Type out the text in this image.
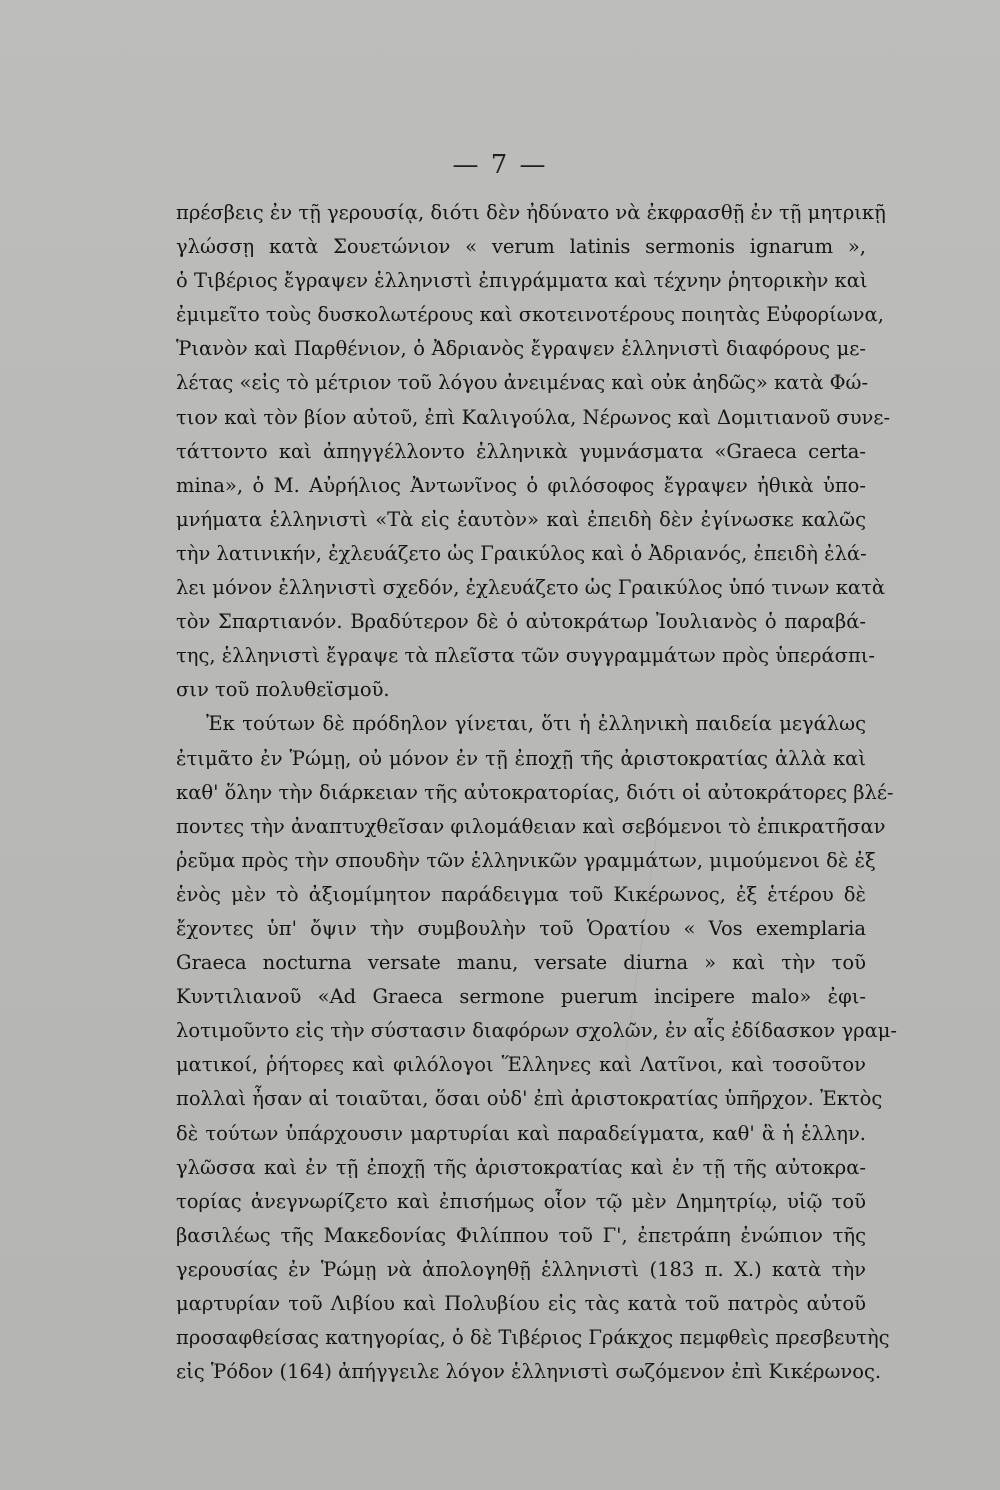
— 7 —
πρέσβεις ἐν τῇ γερουσίᾳ, διότι δὲν ἠδύνατο νὰ ἐκφρασθῇ ἐν τῇ μητρικῇ
γλώσσῃ κατὰ Σουετώνιον « verum latinis sermonis ignarum »,
ὁ Τιβέριος ἔγραψεν ἑλληνιστὶ ἐπιγράμματα καὶ τέχνην ῥητορικὴν καὶ
ἐμιμεῖτο τοὺς δυσκολωτέρους καὶ σκοτεινοτέρους ποιητὰς Εὐφορίωνα,
Ῥιανὸν καὶ Παρθένιον, ὁ Ἀδριανὸς ἔγραψεν ἑλληνιστὶ διαφόρους με-
λέτας «εἰς τὸ μέτριον τοῦ λόγου ἀνειμένας καὶ οὐκ ἀηδῶς» κατὰ Φώ-
τιον καὶ τὸν βίον αὐτοῦ, ἐπὶ Καλιγούλα, Νέρωνος καὶ Δομιτιανοῦ συνε-
τάττοντο καὶ ἀπηγγέλλοντο ἑλληνικὰ γυμνάσματα «Graeca certa-
mina», ὁ Μ. Αὐρήλιος Ἀντωνῖνος ὁ φιλόσοφος ἔγραψεν ἠθικὰ ὑπο-
μνήματα ἑλληνιστὶ «Τὰ εἰς ἑαυτὸν» καὶ ἐπειδὴ δὲν ἐγίνωσκε καλῶς
τὴν λατινικήν, ἐχλευάζετο ὡς Γραικύλος καὶ ὁ Ἀδριανός, ἐπειδὴ ἐλά-
λει μόνον ἑλληνιστὶ σχεδόν, ἐχλευάζετο ὡς Γραικύλος ὑπό τινων κατὰ
τὸν Σπαρτιανόν. Βραδύτερον δὲ ὁ αὐτοκράτωρ Ἰουλιανὸς ὁ παραβά-
της, ἑλληνιστὶ ἔγραψε τὰ πλεῖστα τῶν συγγραμμάτων πρὸς ὑπεράσπι-
σιν τοῦ πολυθεϊσμοῦ.
Ἐκ τούτων δὲ πρόδηλον γίνεται, ὅτι ἡ ἑλληνικὴ παιδεία μεγάλως
ἐτιμᾶτο ἐν Ῥώμῃ, οὐ μόνον ἐν τῇ ἐποχῇ τῆς ἀριστοκρατίας ἀλλὰ καὶ
καθ' ὅλην τὴν διάρκειαν τῆς αὐτοκρατορίας, διότι οἱ αὐτοκράτορες βλέ-
ποντες τὴν ἀναπτυχθεῖσαν φιλομάθειαν καὶ σεβόμενοι τὸ ἐπικρατῆσαν
ῥεῦμα πρὸς τὴν σπουδὴν τῶν ἑλληνικῶν γραμμάτων, μιμούμενοι δὲ ἐξ
ἑνὸς μὲν τὸ ἀξιομίμητον παράδειγμα τοῦ Κικέρωνος, ἐξ ἑτέρου δὲ
ἔχοντες ὑπ' ὄψιν τὴν συμβουλὴν τοῦ Ὁρατίου « Vos exemplaria
Graeca nocturna versate manu, versate diurna » καὶ τὴν τοῦ
Κυντιλιανοῦ «Ad Graeca sermone puerum incipere malo» ἐφι-
λοτιμοῦντο εἰς τὴν σύστασιν διαφόρων σχολῶν, ἐν αἷς ἐδίδασκον γραμ-
ματικοί, ῥήτορες καὶ φιλόλογοι Ἕλληνες καὶ Λατῖνοι, καὶ τοσοῦτον
πολλαὶ ἦσαν αἱ τοιαῦται, ὅσαι οὐδ' ἐπὶ ἀριστοκρατίας ὑπῆρχον. Ἐκτὸς
δὲ τούτων ὑπάρχουσιν μαρτυρίαι καὶ παραδείγματα, καθ' ἃ ἡ ἑλλην.
γλῶσσα καὶ ἐν τῇ ἐποχῇ τῆς ἀριστοκρατίας καὶ ἐν τῇ τῆς αὐτοκρα-
τορίας ἀνεγνωρίζετο καὶ ἐπισήμως οἷον τῷ μὲν Δημητρίῳ, υἱῷ τοῦ
βασιλέως τῆς Μακεδονίας Φιλίππου τοῦ Γ', ἐπετράπη ἐνώπιον τῆς
γερουσίας ἐν Ῥώμῃ νὰ ἀπολογηθῇ ἑλληνιστὶ (183 π. Χ.) κατὰ τὴν
μαρτυρίαν τοῦ Λιβίου καὶ Πολυβίου εἰς τὰς κατὰ τοῦ πατρὸς αὐτοῦ
προσαφθείσας κατηγορίας, ὁ δὲ Τιβέριος Γράκχος πεμφθεὶς πρεσβευτὴς
εἰς Ῥόδον (164) ἀπήγγειλε λόγον ἑλληνιστὶ σωζόμενον ἐπὶ Κικέρωνος.
